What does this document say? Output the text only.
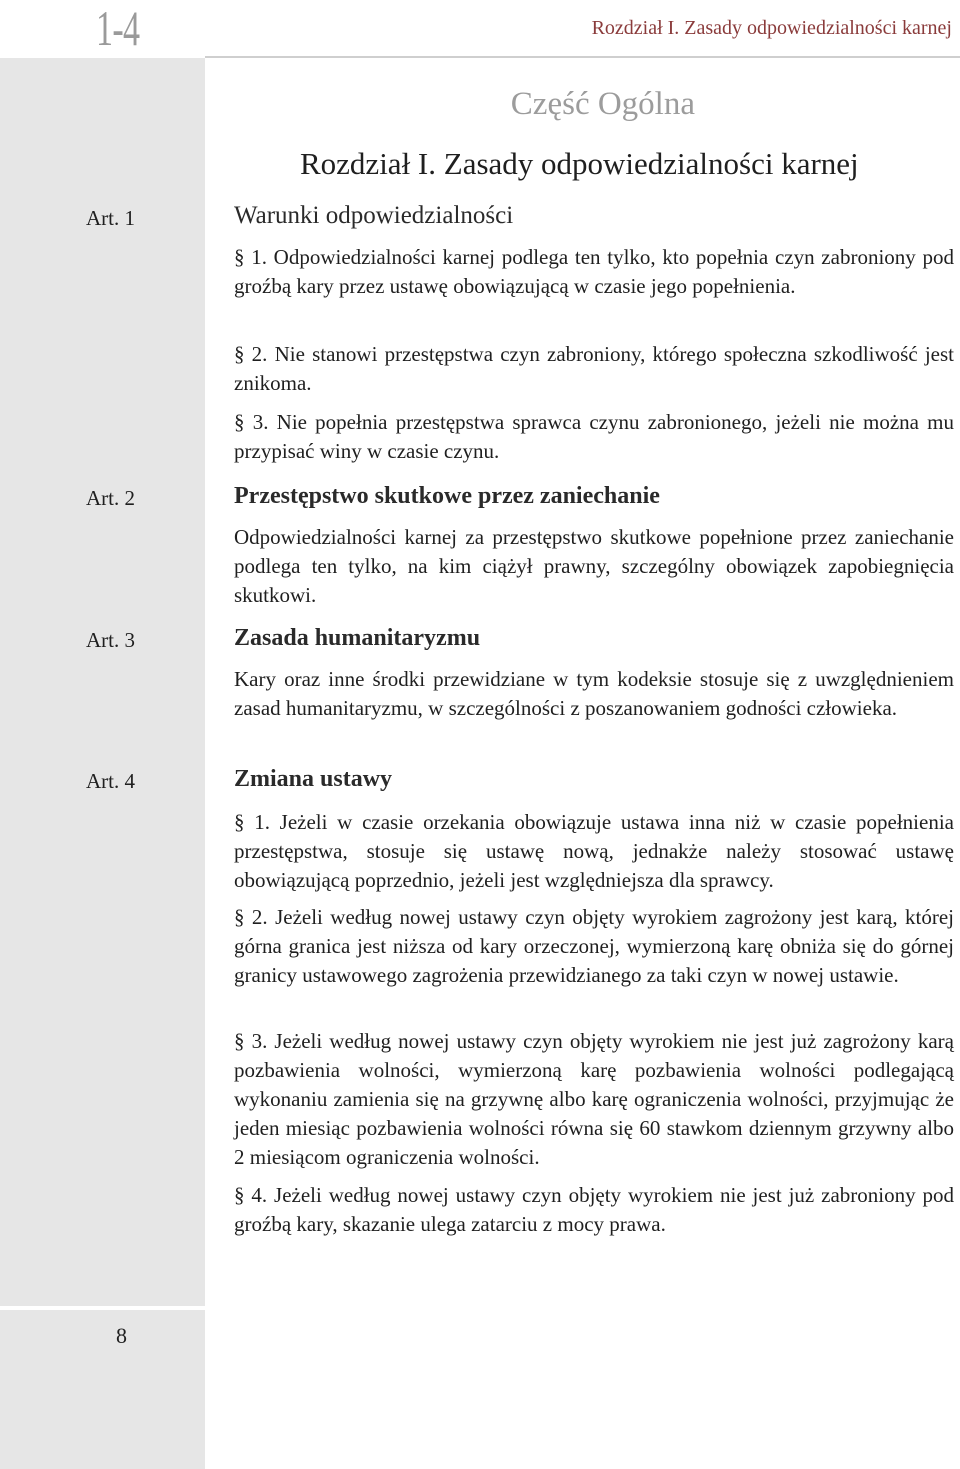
1-4	Rozdział I. Zasady odpowiedzialności karnej
Część Ogólna
Rozdział I. Zasady odpowiedzialności karnej
Art. 1	Warunki odpowiedzialności
§ 1. Odpowiedzialności karnej podlega ten tylko, kto popełnia czyn zabroniony pod groźbą kary przez ustawę obowiązującą w czasie jego popełnienia.
§ 2. Nie stanowi przestępstwa czyn zabroniony, którego społeczna szkodliwość jest znikoma.
§ 3. Nie popełnia przestępstwa sprawca czynu zabronionego, jeżeli nie można mu przypisać winy w czasie czynu.
Art. 2	Przestępstwo skutkowe przez zaniechanie
Odpowiedzialności karnej za przestępstwo skutkowe popełnione przez zaniechanie podlega ten tylko, na kim ciążył prawny, szczególny obowiązek zapobiegnięcia skutkowi.
Art. 3	Zasada humanitaryzmu
Kary oraz inne środki przewidziane w tym kodeksie stosuje się z uwzględnieniem zasad humanitaryzmu, w szczególności z poszanowaniem godności człowieka.
Art. 4	Zmiana ustawy
§ 1. Jeżeli w czasie orzekania obowiązuje ustawa inna niż w czasie popełnienia przestępstwa, stosuje się ustawę nową, jednakże należy stosować ustawę obowiązującą poprzednio, jeżeli jest względniejsza dla sprawcy.
§ 2. Jeżeli według nowej ustawy czyn objęty wyrokiem zagrożony jest karą, której górna granica jest niższa od kary orzeczonej, wymierzoną karę obniża się do górnej granicy ustawowego zagrożenia przewidzianego za taki czyn w nowej ustawie.
§ 3. Jeżeli według nowej ustawy czyn objęty wyrokiem nie jest już zagrożony karą pozbawienia wolności, wymierzoną karę pozbawienia wolności podlegającą wykonaniu zamienia się na grzywnę albo karę ograniczenia wolności, przyjmując że jeden miesiąc pozbawienia wolności równa się 60 stawkom dziennym grzywny albo 2 miesiącom ograniczenia wolności.
§ 4. Jeżeli według nowej ustawy czyn objęty wyrokiem nie jest już zabroniony pod groźbą kary, skazanie ulega zatarciu z mocy prawa.
8
